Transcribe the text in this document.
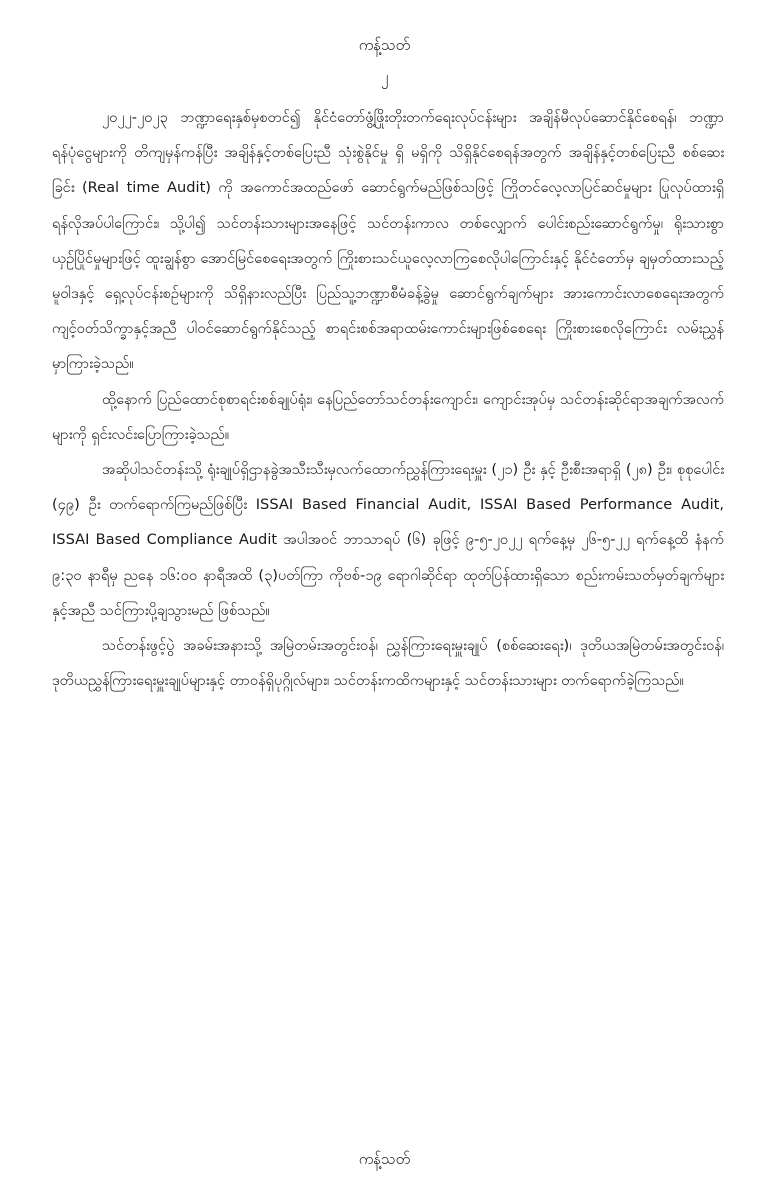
ကန့်သတ်
၂

၂၀၂၂-၂၀၂၃ ဘဏ္ဍာရေးနှစ်မှစတင်၍ နိုင်ငံတော်ဖွံ့ဖြိုးတိုးတက်ရေးလုပ်ငန်းများ အချိန်မီလုပ်ဆောင်နိုင်စေရန်၊ ဘဏ္ဍာရန်ပုံငွေများကို တိကျမှန်ကန်ပြီး အချိန်နှင့်တစ်ပြေးညီ သုံးစွဲနိုင်မှု ရှိ မရှိကို သိရှိနိုင်စေရန်အတွက် အချိန်နှင့်တစ်ပြေးညီ စစ်ဆေးခြင်း (Real time Audit) ကို အကောင်အထည်ဖော် ဆောင်ရွက်မည်ဖြစ်သဖြင့် ကြိုတင်လေ့လာပြင်ဆင်မှုများ ပြုလုပ်ထားရှိရန်လိုအပ်ပါကြောင်း၊ သို့ပါ၍ သင်တန်းသားများအနေဖြင့် သင်တန်းကာလ တစ်လျှောက် ပေါင်းစည်းဆောင်ရွက်မှု၊ ရိုးသားစွာယှဉ်ပြိုင်မှုများဖြင့် ထူးချွန်စွာ အောင်မြင်စေရေးအတွက် ကြိုးစားသင်ယူလေ့လာကြစေလိုပါကြောင်းနှင့် နိုင်ငံတော်မှ ချမှတ်ထားသည့် မူဝါဒနှင့် ရှေ့လုပ်ငန်းစဉ်များကို သိရှိနားလည်ပြီး ပြည်သူ့ဘဏ္ဍာစီမံခန့်ခွဲမှု ဆောင်ရွက်ချက်များ အားကောင်းလာစေရေးအတွက် ကျင့်ဝတ်သိက္ခာနှင့်အညီ ပါဝင်ဆောင်ရွက်နိုင်သည့် စာရင်းစစ်အရာထမ်းကောင်းများဖြစ်စေရေး ကြိုးစားစေလိုကြောင်း လမ်းညွှန်မှာကြားခဲ့သည်။

ထို့နောက် ပြည်ထောင်စုစာရင်းစစ်ချုပ်ရုံး၊ နေပြည်တော်သင်တန်းကျောင်း၊ ကျောင်းအုပ်မှ သင်တန်းဆိုင်ရာအချက်အလက်များကို ရှင်းလင်းပြောကြားခဲ့သည်။

အဆိုပါသင်တန်းသို့ ရုံးချုပ်ရှိဌာနခွဲအသီးသီးမှလက်ထောက်ညွှန်ကြားရေးမှူး (၂၁) ဦး နှင့် ဦးစီးအရာရှိ (၂၈) ဦး၊ စုစုပေါင်း (၄၉) ဦး တက်ရောက်ကြမည်ဖြစ်ပြီး ISSAI Based Financial Audit, ISSAI Based Performance Audit, ISSAI Based Compliance Audit အပါအဝင် ဘာသာရပ် (၆) ခုဖြင့် ၉-၅-၂၀၂၂ ရက်နေ့မှ ၂၆-၅-၂၂ ရက်နေ့ထိ နံနက် ၉:၃၀ နာရီမှ ညနေ ၁၆:၀၀ နာရီအထိ (၃)ပတ်ကြာ ကိုဗစ်-၁၉ ရောဂါဆိုင်ရာ ထုတ်ပြန်ထားရှိသော စည်းကမ်းသတ်မှတ်ချက်များနှင့်အညီ သင်ကြားပို့ချသွားမည် ဖြစ်သည်။

သင်တန်းဖွင့်ပွဲ အခမ်းအနားသို့ အမြဲတမ်းအတွင်းဝန်၊ ညွှန်ကြားရေးမှူးချုပ် (စစ်ဆေးရေး)၊ ဒုတိယအမြဲတမ်းအတွင်းဝန်၊ ဒုတိယညွှန်ကြားရေးမှူးချုပ်များနှင့် တာဝန်ရှိပုဂ္ဂိုလ်များ၊ သင်တန်းကထိကများနှင့် သင်တန်းသားများ တက်ရောက်ခဲ့ကြသည်။

ကန့်သတ်
